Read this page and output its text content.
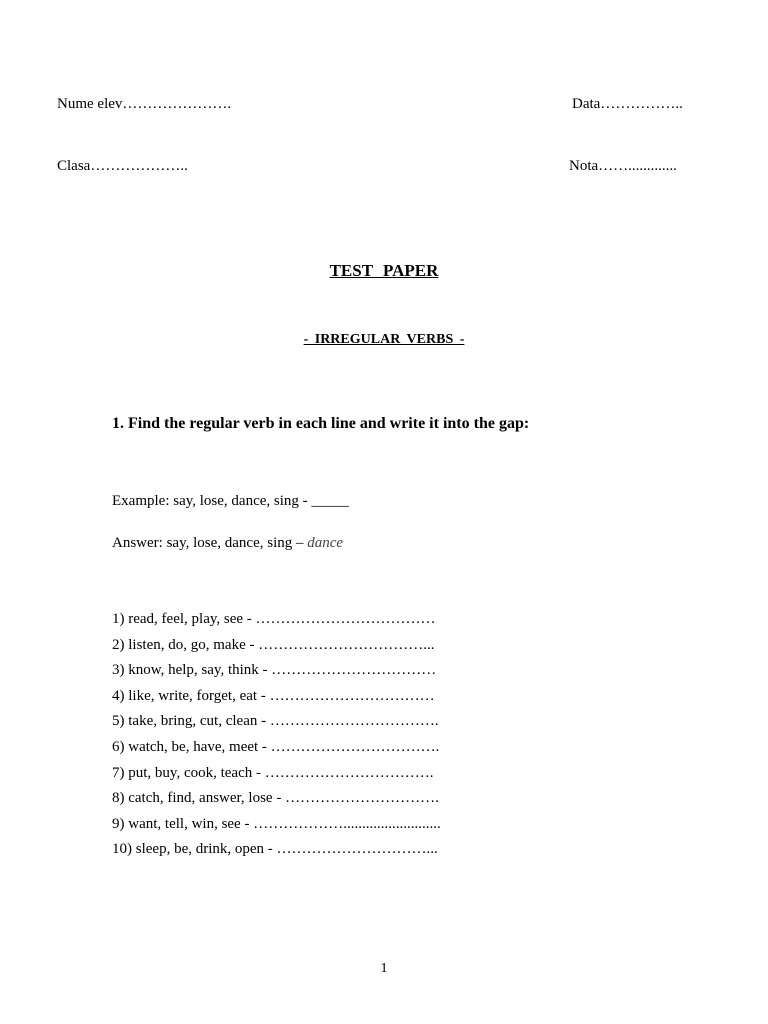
Nume elev………………….	Data……………..
Clasa………………..	Nota…….............
TEST PAPER
- IRREGULAR VERBS -
1. Find the regular verb in each line and write it into the gap:
Example: say, lose, dance, sing - _____
Answer: say, lose, dance, sing – dance
1) read, feel, play, see - ………………………………
2) listen, do, go, make - ……………………………...
3) know, help, say, think - ……………………………
4) like, write, forget, eat - ……………………………
5) take, bring, cut, clean - …………………………….
6) watch, be, have, meet - …………………………….
7) put, buy, cook, teach - …………………………….
8) catch, find, answer, lose - ………………………….
9) want, tell, win, see - ………………..........................
10) sleep, be, drink, open - …………………………...
1
